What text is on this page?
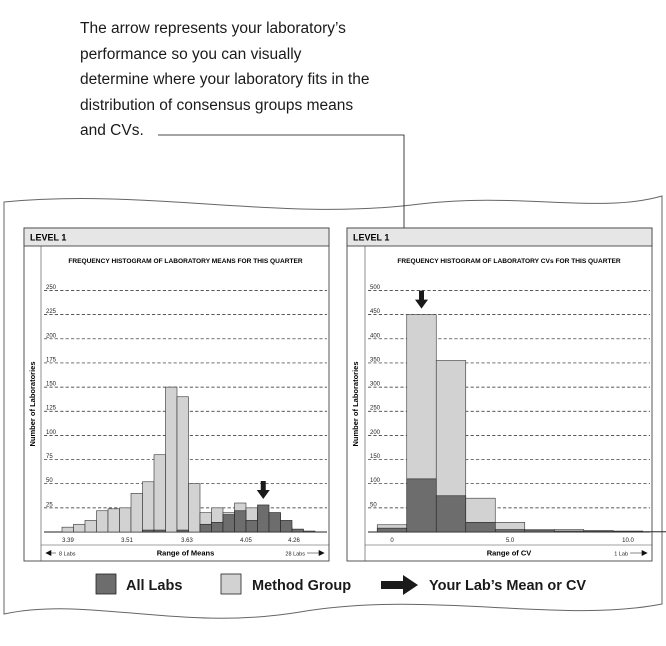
The arrow represents your laboratory’s
performance so you can visually
determine where your laboratory fits in the
distribution of consensus groups means
and CVs.
LEVEL 1
FREQUENCY HISTOGRAM OF LABORATORY MEANS FOR THIS QUARTER
Number of Laboratories
25
50
75
100
125
150
175
200
225
250
3.39	3.51	3.63	4.05	4.26
Range of Means
8 Labs	28 Labs
LEVEL 1
FREQUENCY HISTOGRAM OF LABORATORY CVs FOR THIS QUARTER
Number of Laboratories
50
100
150
200
250
300
350
400
450
500
0	5.0	10.0
Range of CV	1 Lab
All Labs	Method Group	Your Lab’s Mean or CV
